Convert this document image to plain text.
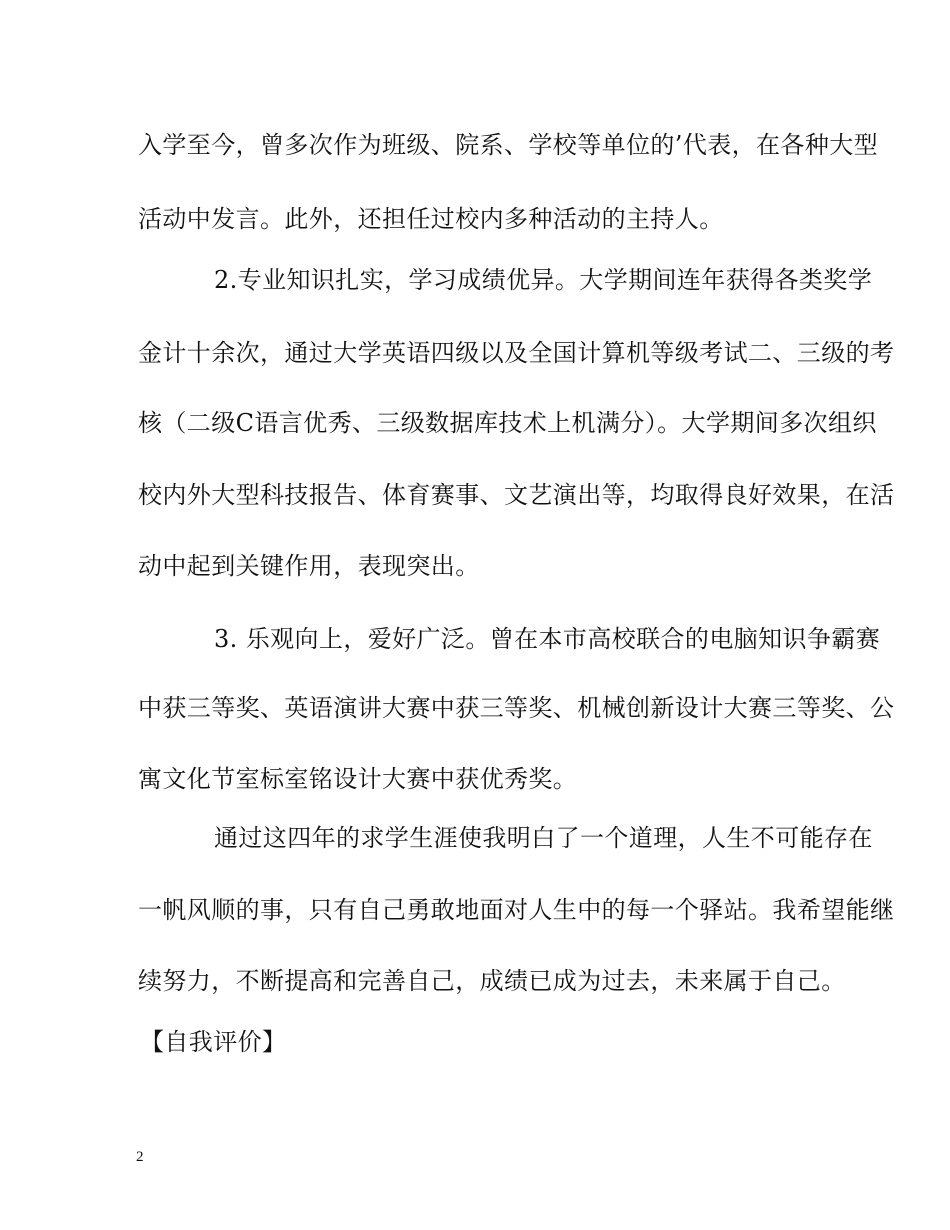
入学至今，曾多次作为班级、院系、学校等单位的’代表，在各种大型
活动中发言。此外，还担任过校内多种活动的主持人。
2.专业知识扎实，学习成绩优异。大学期间连年获得各类奖学
金计十余次，通过大学英语四级以及全国计算机等级考试二、三级的考
核（二级C语言优秀、三级数据库技术上机满分）。大学期间多次组织
校内外大型科技报告、体育赛事、文艺演出等，均取得良好效果，在活
动中起到关键作用，表现突出。
3. 乐观向上，爱好广泛。曾在本市高校联合的电脑知识争霸赛
中获三等奖、英语演讲大赛中获三等奖、机械创新设计大赛三等奖、公
寓文化节室标室铭设计大赛中获优秀奖。
通过这四年的求学生涯使我明白了一个道理，人生不可能存在
一帆风顺的事，只有自己勇敢地面对人生中的每一个驿站。我希望能继
续努力，不断提高和完善自己，成绩已成为过去，未来属于自己。
【自我评价】
2
